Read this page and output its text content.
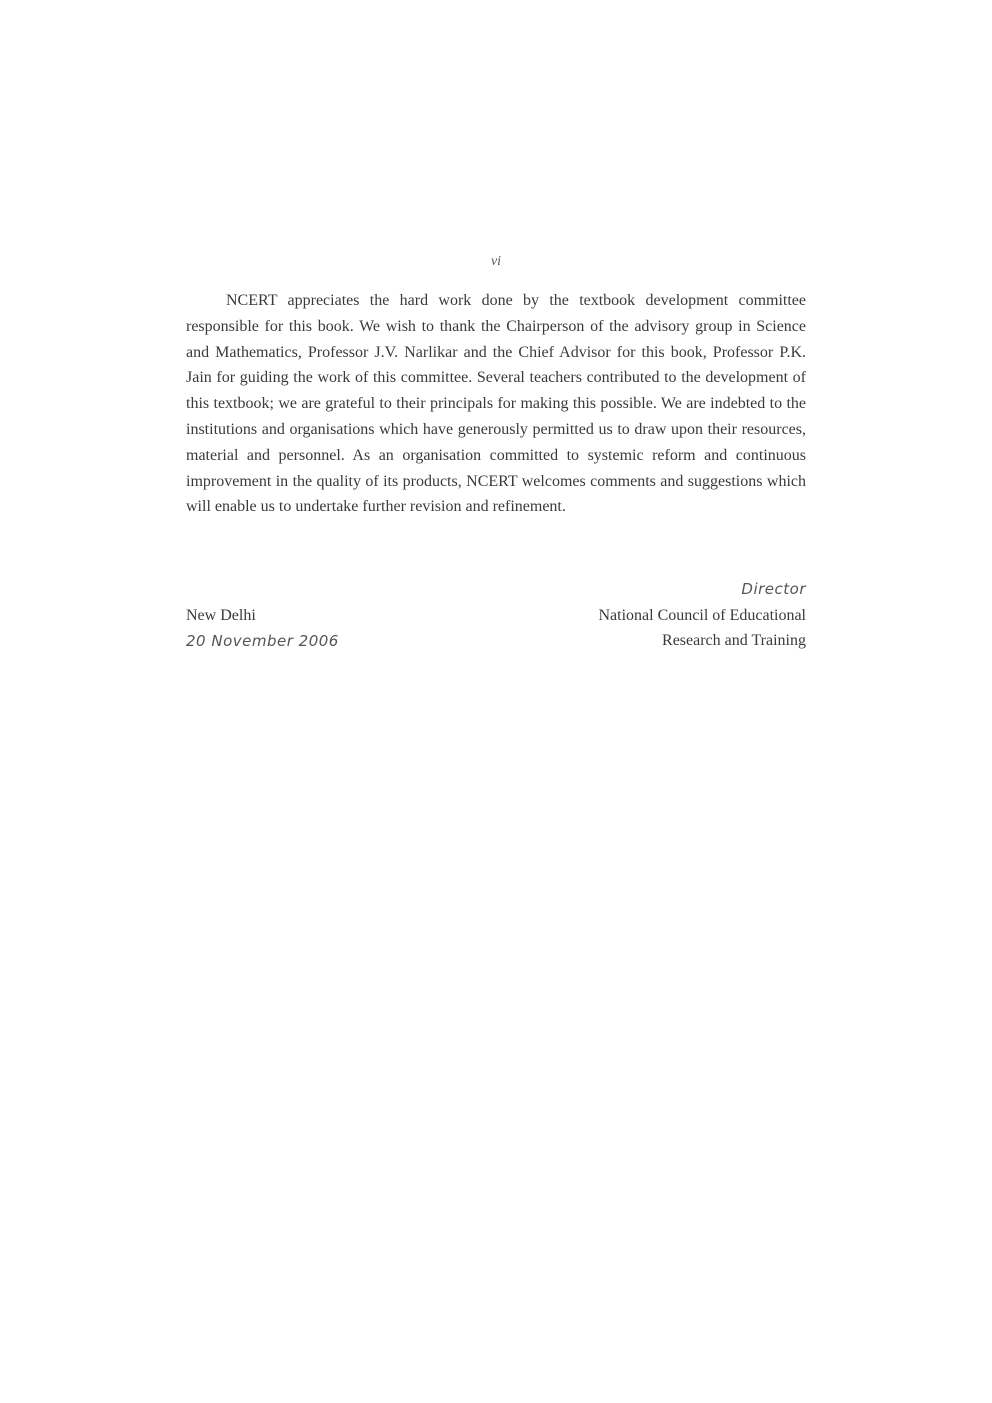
vi

NCERT appreciates the hard work done by the textbook development committee responsible for this book. We wish to thank the Chairperson of the advisory group in Science and Mathematics, Professor J.V. Narlikar and the Chief Advisor for this book, Professor P.K. Jain for guiding the work of this committee. Several teachers contributed to the development of this textbook; we are grateful to their principals for making this possible. We are indebted to the institutions and organisations which have generously permitted us to draw upon their resources, material and personnel. As an organisation committed to systemic reform and continuous improvement in the quality of its products, NCERT welcomes comments and suggestions which will enable us to undertake further revision and refinement.

Director
National Council of Educational
Research and Training
New Delhi
20 November 2006
